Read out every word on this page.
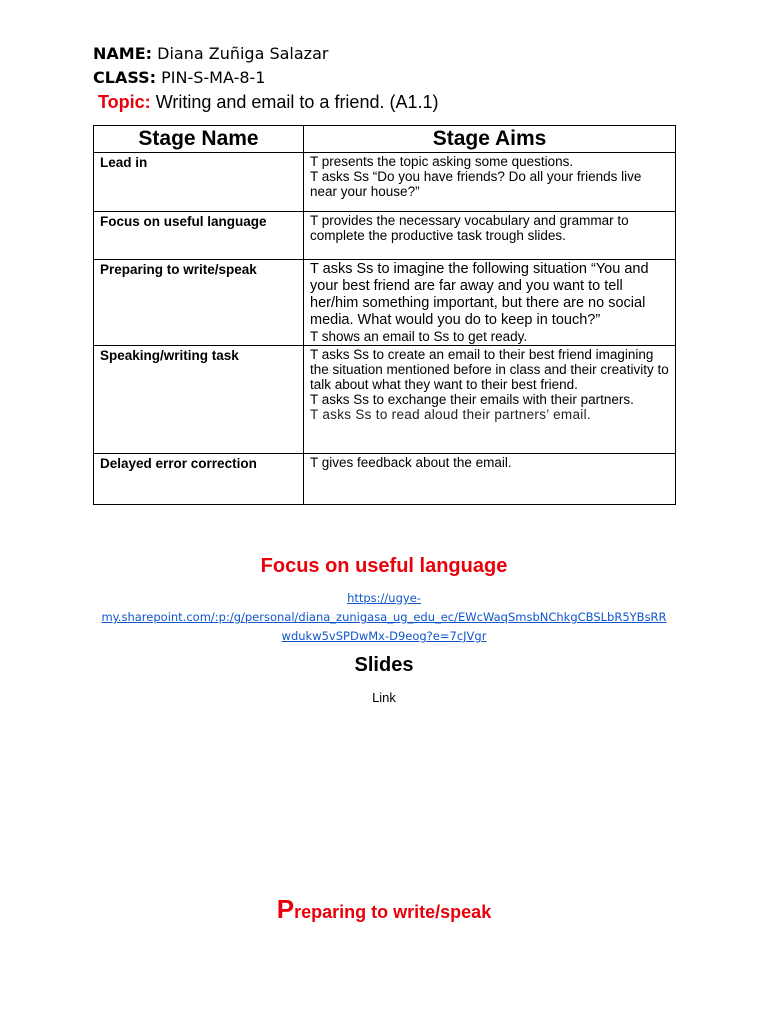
NAME: Diana Zuñiga Salazar
CLASS: PIN-S-MA-8-1
Topic: Writing and email to a friend. (A1.1)
Stage Name	Stage Aims
Lead in	T presents the topic asking some questions.
T asks Ss “Do you have friends? Do all your friends live near your house?”

Focus on useful language	T provides the necessary vocabulary and grammar to complete the productive task trough slides.

Preparing to write/speak	T asks Ss to imagine the following situation “You and your best friend are far away and you want to tell her/him something important, but there are no social media. What would you do to keep in touch?”
T shows an email to Ss to get ready.

Speaking/writing task	T asks Ss to create an email to their best friend imagining the situation mentioned before in class and their creativity to talk about what they want to their best friend.
T asks Ss to exchange their emails with their partners.
T asks Ss to read aloud their partners’ email.

Delayed error correction	T gives feedback about the email.
Focus on useful language
https://ugye-
my.sharepoint.com/:p:/g/personal/diana_zunigasa_ug_edu_ec/EWcWaqSmsbNChkgCBSLbR5YBsRR
wdukw5vSPDwMx-D9eog?e=7cJVgr
Slides
Link
Preparing to write/speak
